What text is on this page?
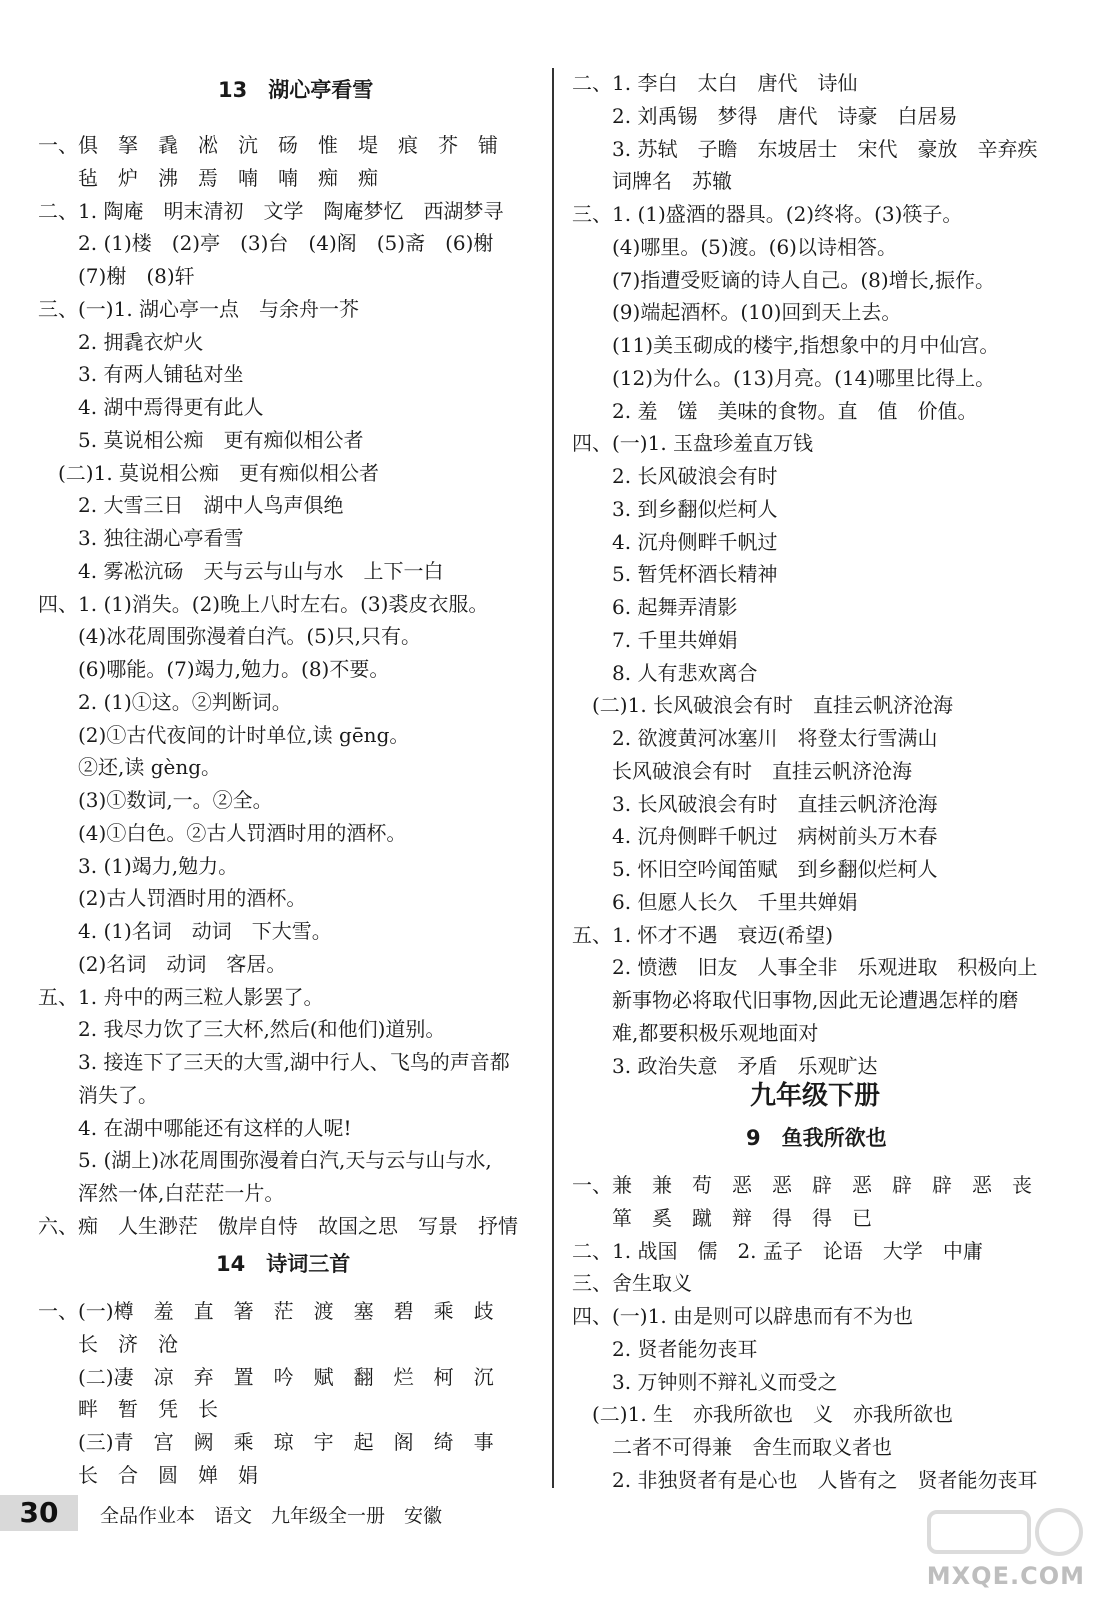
13　湖心亭看雪
一、俱　拏　毳　凇　沆　砀　惟　堤　痕　芥　铺
　　毡　炉　沸　焉　喃　喃　痴　痴
二、1. 陶庵　明末清初　文学　陶庵梦忆　西湖梦寻
　　2. (1)楼　(2)亭　(3)台　(4)阁　(5)斋　(6)榭
　　(7)榭　(8)轩
三、(一)1. 湖心亭一点　与余舟一芥
　　2. 拥毳衣炉火
　　3. 有两人铺毡对坐
　　4. 湖中焉得更有此人
　　5. 莫说相公痴　更有痴似相公者
　(二)1. 莫说相公痴　更有痴似相公者
　　2. 大雪三日　湖中人鸟声俱绝
　　3. 独往湖心亭看雪
　　4. 雾凇沆砀　天与云与山与水　上下一白
四、1. (1)消失。(2)晚上八时左右。(3)裘皮衣服。
　　(4)冰花周围弥漫着白汽。(5)只,只有。
　　(6)哪能。(7)竭力,勉力。(8)不要。
　　2. (1)①这。②判断词。
　　(2)①古代夜间的计时单位,读 gēng。
　　②还,读 gèng。
　　(3)①数词,一。②全。
　　(4)①白色。②古人罚酒时用的酒杯。
　　3. (1)竭力,勉力。
　　(2)古人罚酒时用的酒杯。
　　4. (1)名词　动词　下大雪。
　　(2)名词　动词　客居。
五、1. 舟中的两三粒人影罢了。
　　2. 我尽力饮了三大杯,然后(和他们)道别。
　　3. 接连下了三天的大雪,湖中行人、飞鸟的声音都
　　消失了。
　　4. 在湖中哪能还有这样的人呢!
　　5. (湖上)冰花周围弥漫着白汽,天与云与山与水,
　　浑然一体,白茫茫一片。
六、痴　人生渺茫　傲岸自恃　故国之思　写景　抒情
14　诗词三首
一、(一)樽　羞　直　箸　茫　渡　塞　碧　乘　歧
　　长　济　沧
　　(二)凄　凉　弃　置　吟　赋　翻　烂　柯　沉
　　畔　暂　凭　长
　　(三)青　宫　阙　乘　琼　宇　起　阁　绮　事
　　长　合　圆　婵　娟
二、1. 李白　太白　唐代　诗仙
　　2. 刘禹锡　梦得　唐代　诗豪　白居易
　　3. 苏轼　子瞻　东坡居士　宋代　豪放　辛弃疾
　　词牌名　苏辙
三、1. (1)盛酒的器具。(2)终将。(3)筷子。
　　(4)哪里。(5)渡。(6)以诗相答。
　　(7)指遭受贬谪的诗人自己。(8)增长,振作。
　　(9)端起酒杯。(10)回到天上去。
　　(11)美玉砌成的楼宇,指想象中的月中仙宫。
　　(12)为什么。(13)月亮。(14)哪里比得上。
　　2. 羞　馐　美味的食物。直　值　价值。
四、(一)1. 玉盘珍羞直万钱
　　2. 长风破浪会有时
　　3. 到乡翻似烂柯人
　　4. 沉舟侧畔千帆过
　　5. 暂凭杯酒长精神
　　6. 起舞弄清影
　　7. 千里共婵娟
　　8. 人有悲欢离合
　(二)1. 长风破浪会有时　直挂云帆济沧海
　　2. 欲渡黄河冰塞川　将登太行雪满山
　　长风破浪会有时　直挂云帆济沧海
　　3. 长风破浪会有时　直挂云帆济沧海
　　4. 沉舟侧畔千帆过　病树前头万木春
　　5. 怀旧空吟闻笛赋　到乡翻似烂柯人
　　6. 但愿人长久　千里共婵娟
五、1. 怀才不遇　衰迈(希望)
　　2. 愤懑　旧友　人事全非　乐观进取　积极向上
　　新事物必将取代旧事物,因此无论遭遇怎样的磨
　　难,都要积极乐观地面对
　　3. 政治失意　矛盾　乐观旷达
九年级下册
9　鱼我所欲也
一、兼　兼　苟　恶　恶　辟　恶　辟　辟　恶　丧
　　箪　奚　蹴　辩　得　得　已
二、1. 战国　儒　2. 孟子　论语　大学　中庸
三、舍生取义
四、(一)1. 由是则可以辟患而有不为也
　　2. 贤者能勿丧耳
　　3. 万钟则不辩礼义而受之
　(二)1. 生　亦我所欲也　义　亦我所欲也
　　二者不可得兼　舍生而取义者也
　　2. 非独贤者有是心也　人皆有之　贤者能勿丧耳
30	全品作业本　语文　九年级全一册　安徽
MXQE.COM
